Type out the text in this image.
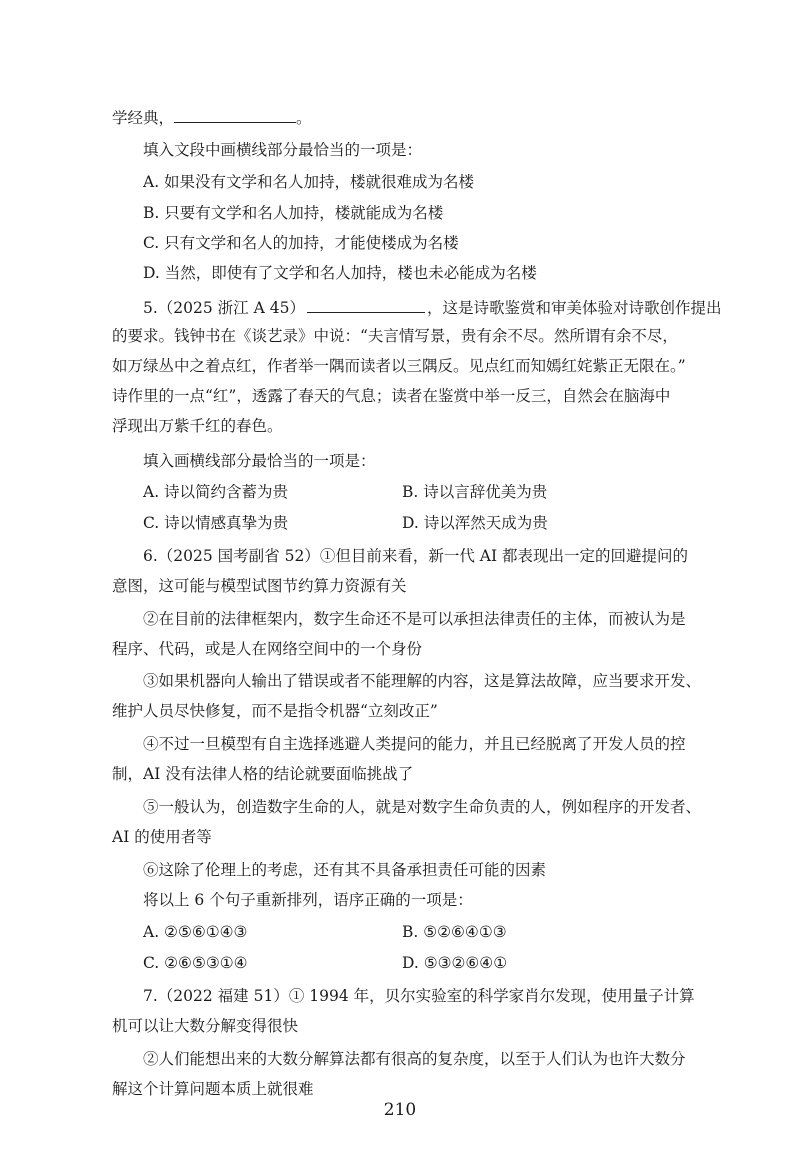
学经典，	。
填入文段中画横线部分最恰当的一项是：
A. 如果没有文学和名人加持，楼就很难成为名楼
B. 只要有文学和名人加持，楼就能成为名楼
C. 只有文学和名人的加持，才能使楼成为名楼
D. 当然，即使有了文学和名人加持，楼也未必能成为名楼
5.（2025 浙江 A 45）	，这是诗歌鉴赏和审美体验对诗歌创作提出
的要求。钱钟书在《谈艺录》中说：“夫言情写景，贵有余不尽。然所谓有余不尽，
如万绿丛中之着点红，作者举一隅而读者以三隅反。见点红而知嫣红姹紫正无限在。”
诗作里的一点“红”，透露了春天的气息；读者在鉴赏中举一反三，自然会在脑海中
浮现出万紫千红的春色。
填入画横线部分最恰当的一项是：
A. 诗以简约含蓄为贵	B. 诗以言辞优美为贵
C. 诗以情感真挚为贵	D. 诗以浑然天成为贵
6.（2025 国考副省 52）①但目前来看，新一代 AI 都表现出一定的回避提问的
意图，这可能与模型试图节约算力资源有关
②在目前的法律框架内，数字生命还不是可以承担法律责任的主体，而被认为是
程序、代码，或是人在网络空间中的一个身份
③如果机器向人输出了错误或者不能理解的内容，这是算法故障，应当要求开发、
维护人员尽快修复，而不是指令机器“立刻改正”
④不过一旦模型有自主选择逃避人类提问的能力，并且已经脱离了开发人员的控
制，AI 没有法律人格的结论就要面临挑战了
⑤一般认为，创造数字生命的人，就是对数字生命负责的人，例如程序的开发者、
AI 的使用者等
⑥这除了伦理上的考虑，还有其不具备承担责任可能的因素
将以上 6 个句子重新排列，语序正确的一项是：
A. ②⑤⑥①④③	B. ⑤②⑥④①③
C. ②⑥⑤③①④	D. ⑤③②⑥④①
7.（2022 福建 51）① 1994 年，贝尔实验室的科学家肖尔发现，使用量子计算
机可以让大数分解变得很快
②人们能想出来的大数分解算法都有很高的复杂度，以至于人们认为也许大数分
解这个计算问题本质上就很难
210
